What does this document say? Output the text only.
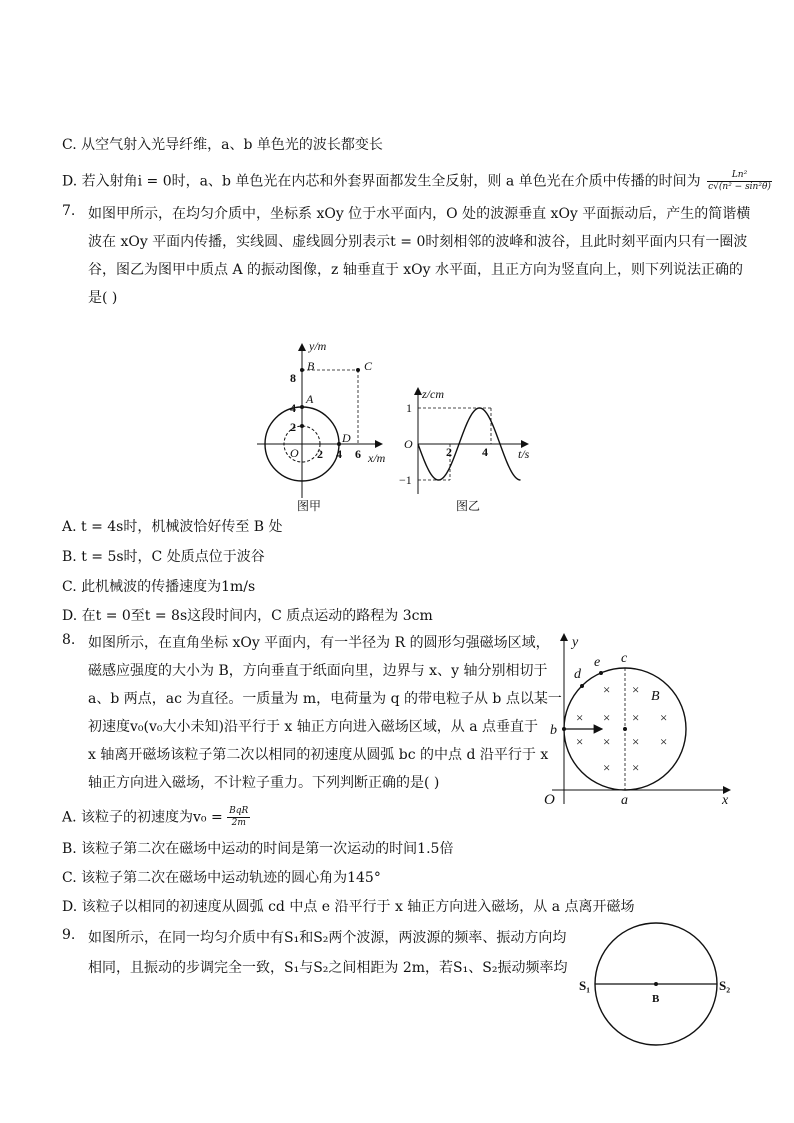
C. 从空气射入光导纤维，a、b 单色光的波长都变长
D. 若入射角i = 0时，a、b 单色光在内芯和外套界面都发生全反射，则 a 单色光在介质中传播的时间为 $\frac{\text{Ln²}}{\text{c√(n² − sin²θ)}}$
7. 如图甲所示，在均匀介质中，坐标系 xOy 位于水平面内，O 处的波源垂直 xOy 平面振动后，产生的简谐横
波在 xOy 平面内传播，实线圆、虚线圆分别表示t = 0时刻相邻的波峰和波谷，且此时刻平面内只有一圈波
谷，图乙为图甲中质点 A 的振动图像，z 轴垂直于 xOy 水平面，且正方向为竖直向上，则下列说法正确的
是( )
y/m
x/m
B	C
A
D
8
4
2
O 2 4 6
图甲
z/cm
t/s
1
−1
O
2	4
图乙
A. t = 4s时，机械波恰好传至 B 处
B. t = 5s时，C 处质点位于波谷
C. 此机械波的传播速度为1m/s
D. 在t = 0至t = 8s这段时间内，C 质点运动的路程为 3cm
8. 如图所示，在直角坐标 xOy 平面内，有一半径为 R 的圆形匀强磁场区域，
磁感应强度的大小为 B，方向垂直于纸面向里，边界与 x、y 轴分别相切于
a、b 两点，ac 为直径。一质量为 m，电荷量为 q 的带电粒子从 b 点以某一
初速度v₀(v₀大小未知)沿平行于 x 轴正方向进入磁场区域，从 a 点垂直于
x 轴离开磁场该粒子第二次以相同的初速度从圆弧 bc 的中点 d 沿平行于 x
轴正方向进入磁场，不计粒子重力。下列判断正确的是( )
× ×
× × × ×
× × × ×
× ×
y
x
O	a
b
c
d
e
B
A. 该粒子的初速度为v₀ = BqR
2m
B. 该粒子第二次在磁场中运动的时间是第一次运动的时间1.5倍
C. 该粒子第二次在磁场中运动轨迹的圆心角为145°
D. 该粒子以相同的初速度从圆弧 cd 中点 e 沿平行于 x 轴正方向进入磁场，从 a 点离开磁场
9. 如图所示，在同一均匀介质中有S₁和S₂两个波源，两波源的频率、振动方向均
相同，且振动的步调完全一致，S₁与S₂之间相距为 2m，若S₁、S₂振动频率均
S₁	S₂
B
